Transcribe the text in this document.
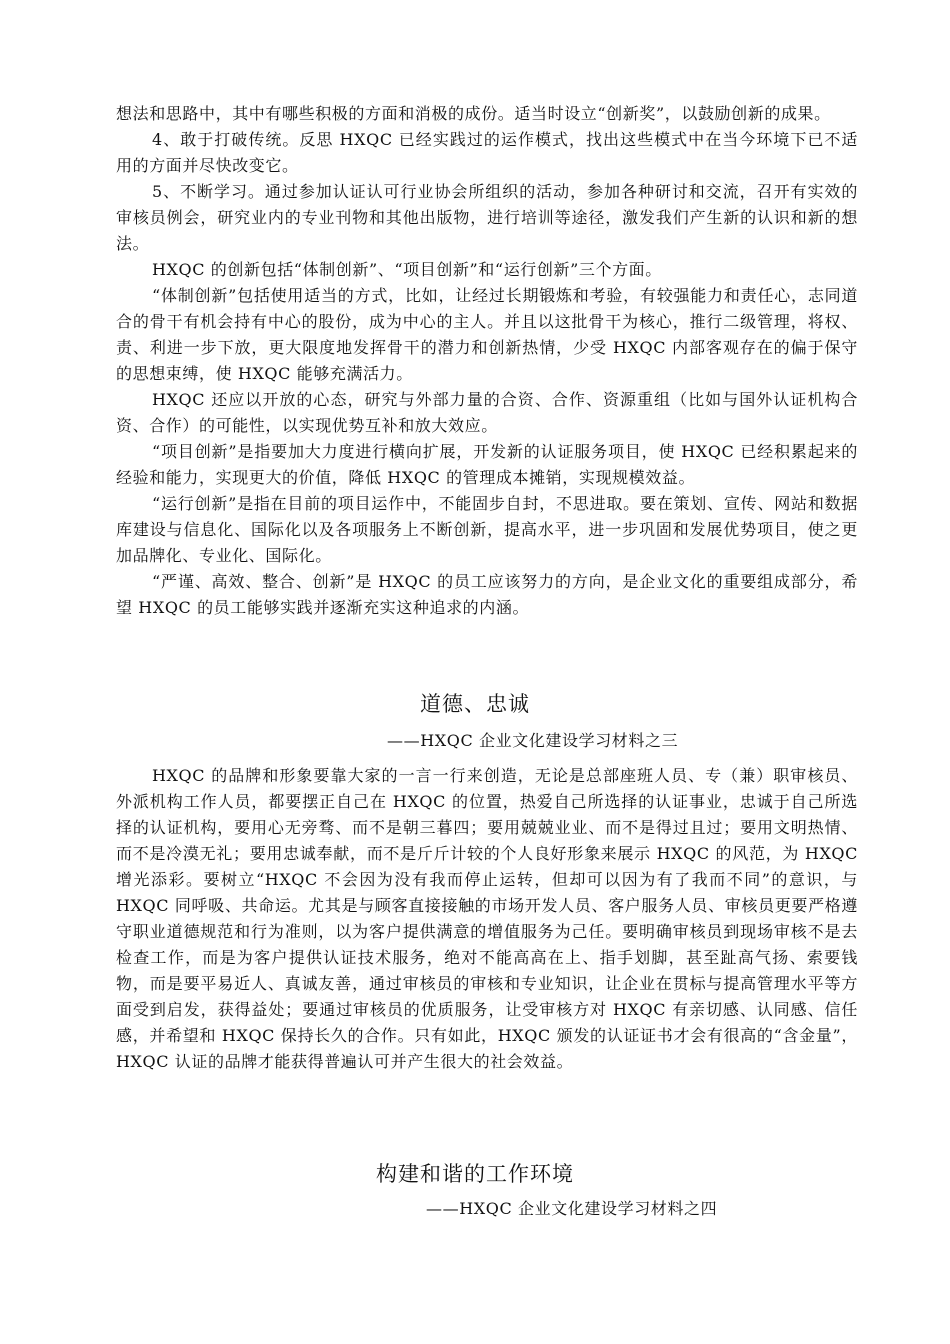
想法和思路中，其中有哪些积极的方面和消极的成份。适当时设立“创新奖”，以鼓励创新的成果。

4、敢于打破传统。反思 HXQC 已经实践过的运作模式，找出这些模式中在当今环境下已不适用的方面并尽快改变它。

5、不断学习。通过参加认证认可行业协会所组织的活动，参加各种研讨和交流，召开有实效的审核员例会，研究业内的专业刊物和其他出版物，进行培训等途径，激发我们产生新的认识和新的想法。

HXQC 的创新包括“体制创新”、“项目创新”和“运行创新”三个方面。

“体制创新”包括使用适当的方式，比如，让经过长期锻炼和考验，有较强能力和责任心，志同道合的骨干有机会持有中心的股份，成为中心的主人。并且以这批骨干为核心，推行二级管理，将权、责、利进一步下放，更大限度地发挥骨干的潜力和创新热情，少受 HXQC 内部客观存在的偏于保守的思想束缚，使 HXQC 能够充满活力。

HXQC 还应以开放的心态，研究与外部力量的合资、合作、资源重组（比如与国外认证机构合资、合作）的可能性，以实现优势互补和放大效应。

“项目创新”是指要加大力度进行横向扩展，开发新的认证服务项目，使 HXQC 已经积累起来的经验和能力，实现更大的价值，降低 HXQC 的管理成本摊销，实现规模效益。

“运行创新”是指在目前的项目运作中，不能固步自封，不思进取。要在策划、宣传、网站和数据库建设与信息化、国际化以及各项服务上不断创新，提高水平，进一步巩固和发展优势项目，使之更加品牌化、专业化、国际化。

“严谨、高效、整合、创新”是 HXQC 的员工应该努力的方向，是企业文化的重要组成部分，希望 HXQC 的员工能够实践并逐渐充实这种追求的内涵。

道德、忠诚
——HXQC 企业文化建设学习材料之三

HXQC 的品牌和形象要靠大家的一言一行来创造，无论是总部座班人员、专（兼）职审核员、外派机构工作人员，都要摆正自己在 HXQC 的位置，热爱自己所选择的认证事业，忠诚于自己所选择的认证机构，要用心无旁骛、而不是朝三暮四；要用兢兢业业、而不是得过且过；要用文明热情、而不是冷漠无礼；要用忠诚奉献，而不是斤斤计较的个人良好形象来展示 HXQC 的风范，为 HXQC 增光添彩。要树立“HXQC 不会因为没有我而停止运转，但却可以因为有了我而不同”的意识，与 HXQC 同呼吸、共命运。尤其是与顾客直接接触的市场开发人员、客户服务人员、审核员更要严格遵守职业道德规范和行为准则，以为客户提供满意的增值服务为己任。要明确审核员到现场审核不是去检查工作，而是为客户提供认证技术服务，绝对不能高高在上、指手划脚，甚至趾高气扬、索要钱物，而是要平易近人、真诚友善，通过审核员的审核和专业知识，让企业在贯标与提高管理水平等方面受到启发，获得益处；要通过审核员的优质服务，让受审核方对 HXQC 有亲切感、认同感、信任感，并希望和 HXQC 保持长久的合作。只有如此，HXQC 颁发的认证证书才会有很高的“含金量”，HXQC 认证的品牌才能获得普遍认可并产生很大的社会效益。

构建和谐的工作环境
——HXQC 企业文化建设学习材料之四
